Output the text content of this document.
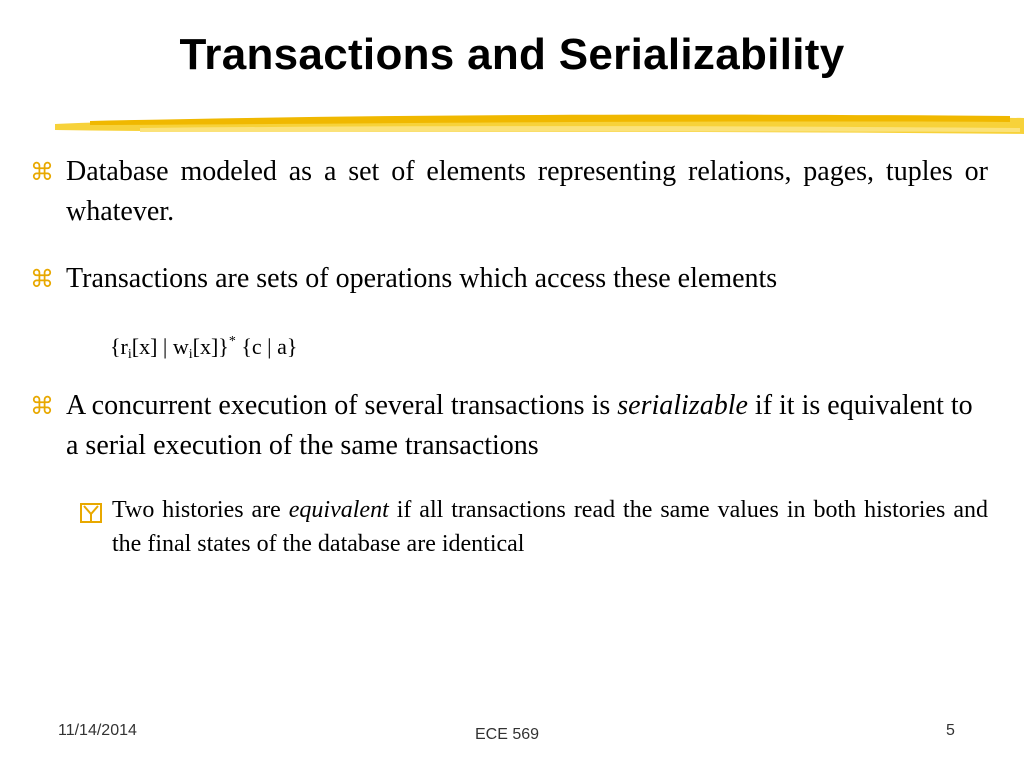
Transactions and Serializability
⌘ Database modeled as a set of elements representing relations, pages, tuples or whatever.
⌘ Transactions are sets of operations which access these elements
{$r_i[x]$ | $w_i[x]\}^*$ {c | a}
⌘ A concurrent execution of several transactions is serializable if it is equivalent to a serial execution of the same transactions
Two histories are equivalent if all transactions read the same values in both histories and the final states of the database are identical
11/14/2014	ECE 569	5
